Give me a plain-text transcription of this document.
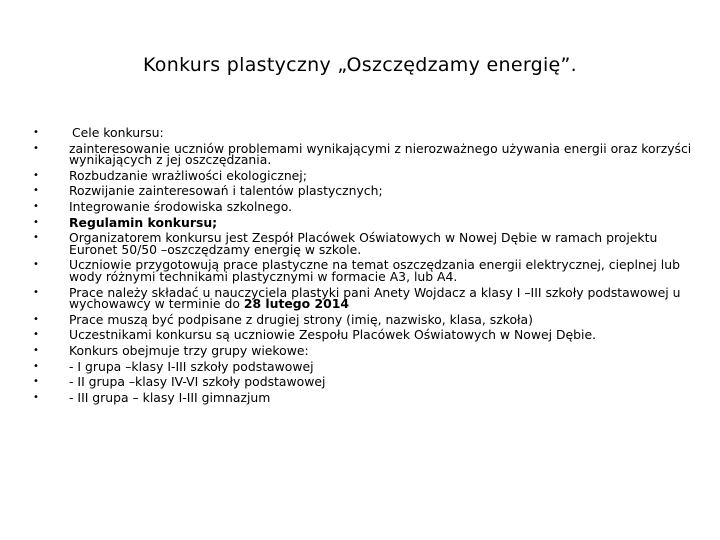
Konkurs plastyczny „Oszczędzamy energię”.
•	Cele konkursu:
• zainteresowanie uczniów problemami wynikającymi z nierozważnego używania energii oraz korzyści wynikających z jej oszczędzania.
• Rozbudzanie wrażliwości ekologicznej;
• Rozwijanie zainteresowań i talentów plastycznych;
• Integrowanie środowiska szkolnego.
• Regulamin konkursu;
• Organizatorem konkursu jest Zespół Placówek Oświatowych w Nowej Dębie w ramach projektu Euronet 50/50 –oszczędzamy energię w szkole.
• Uczniowie przygotowują prace plastyczne na temat oszczędzania energii elektrycznej, cieplnej lub wody różnymi technikami plastycznymi w formacie A3, lub A4.
• Prace należy składać u nauczyciela plastyki pani Anety Wojdacz a klasy I –III szkoły podstawowej u wychowawcy w terminie do 28 lutego 2014
• Prace muszą być podpisane z drugiej strony (imię, nazwisko, klasa, szkoła)
• Uczestnikami konkursu są uczniowie Zespołu Placówek Oświatowych w Nowej Dębie.
• Konkurs obejmuje trzy grupy wiekowe:
• - I grupa –klasy I-III szkoły podstawowej
• - II grupa –klasy IV-VI szkoły podstawowej
• - III grupa – klasy I-III gimnazjum
